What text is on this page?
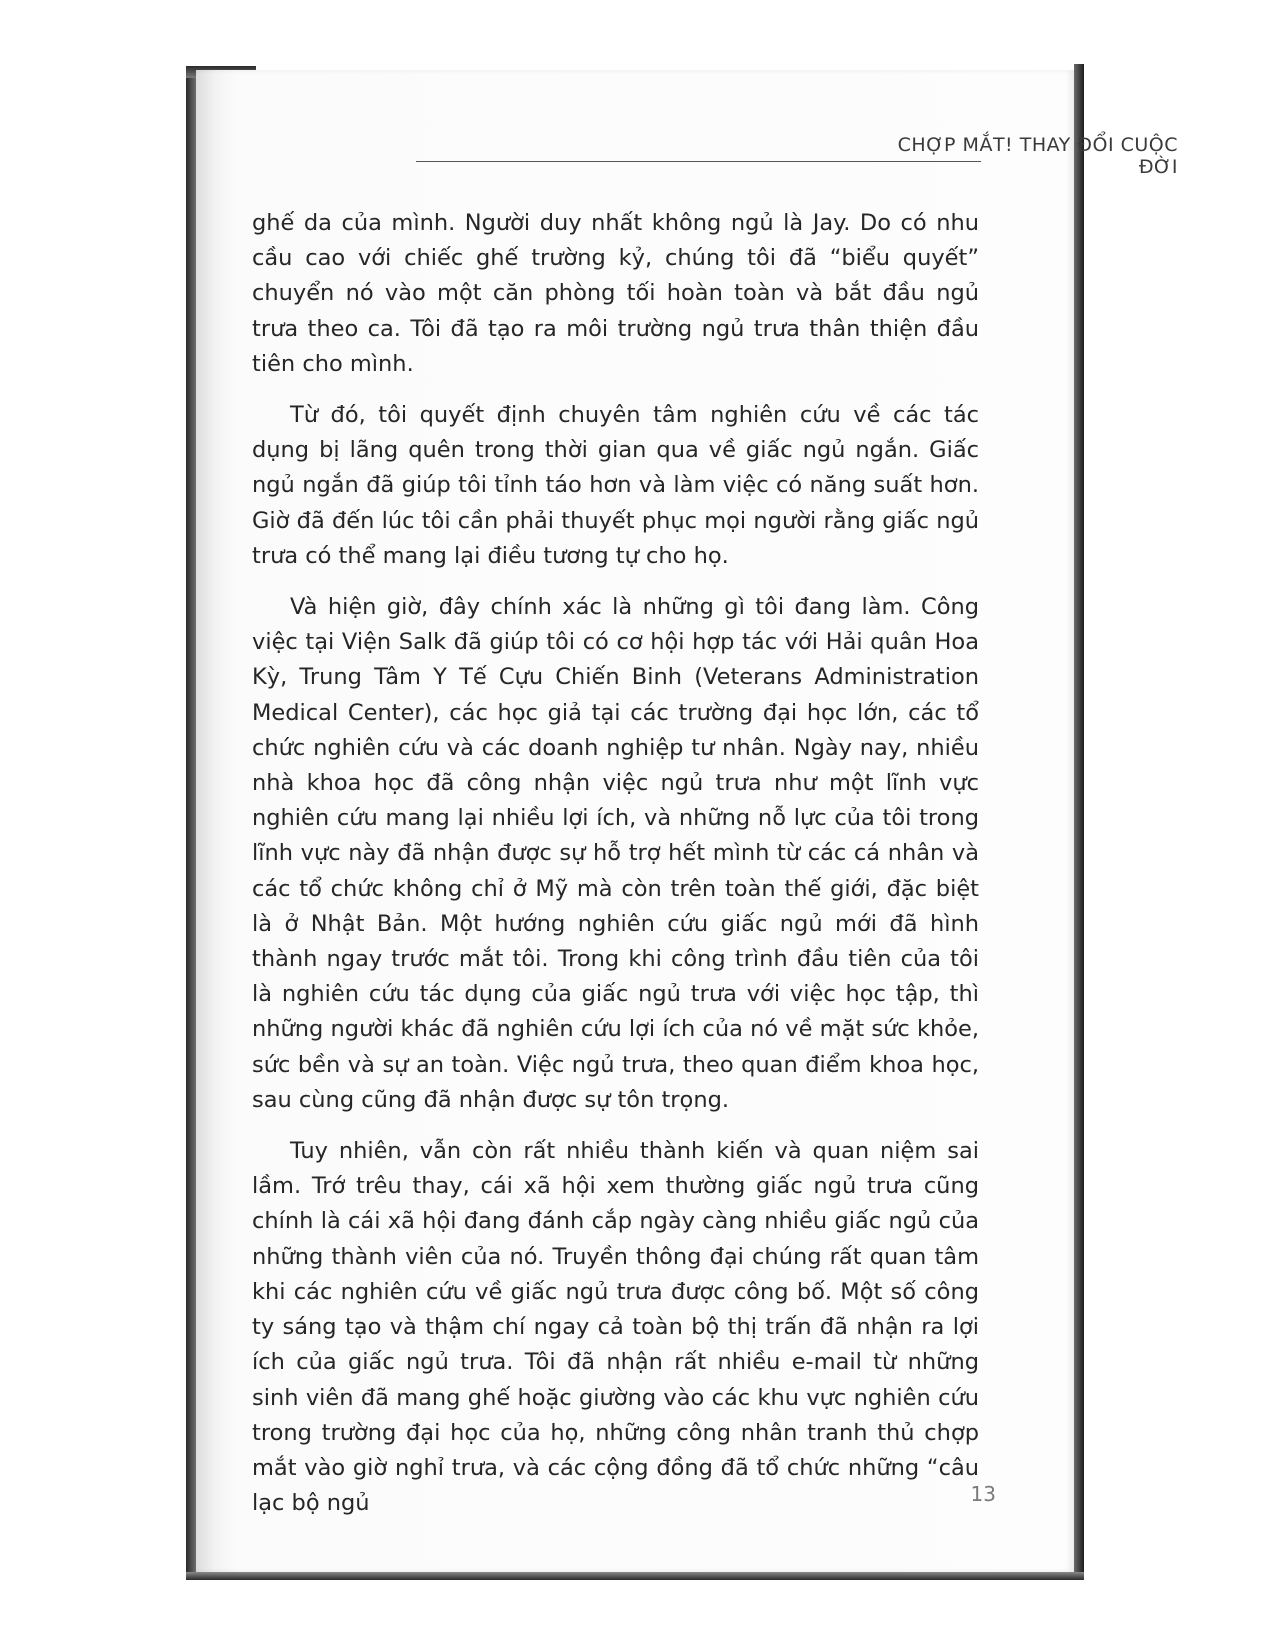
CHỢP MẮT! THAY ĐỔI CUỘC ĐỜI

ghế da của mình. Người duy nhất không ngủ là Jay. Do có nhu cầu cao với chiếc ghế trường kỷ, chúng tôi đã “biểu quyết” chuyển nó vào một căn phòng tối hoàn toàn và bắt đầu ngủ trưa theo ca. Tôi đã tạo ra môi trường ngủ trưa thân thiện đầu tiên cho mình.

Từ đó, tôi quyết định chuyên tâm nghiên cứu về các tác dụng bị lãng quên trong thời gian qua về giấc ngủ ngắn. Giấc ngủ ngắn đã giúp tôi tỉnh táo hơn và làm việc có năng suất hơn. Giờ đã đến lúc tôi cần phải thuyết phục mọi người rằng giấc ngủ trưa có thể mang lại điều tương tự cho họ.

Và hiện giờ, đây chính xác là những gì tôi đang làm. Công việc tại Viện Salk đã giúp tôi có cơ hội hợp tác với Hải quân Hoa Kỳ, Trung Tâm Y Tế Cựu Chiến Binh (Veterans Administration Medical Center), các học giả tại các trường đại học lớn, các tổ chức nghiên cứu và các doanh nghiệp tư nhân. Ngày nay, nhiều nhà khoa học đã công nhận việc ngủ trưa như một lĩnh vực nghiên cứu mang lại nhiều lợi ích, và những nỗ lực của tôi trong lĩnh vực này đã nhận được sự hỗ trợ hết mình từ các cá nhân và các tổ chức không chỉ ở Mỹ mà còn trên toàn thế giới, đặc biệt là ở Nhật Bản. Một hướng nghiên cứu giấc ngủ mới đã hình thành ngay trước mắt tôi. Trong khi công trình đầu tiên của tôi là nghiên cứu tác dụng của giấc ngủ trưa với việc học tập, thì những người khác đã nghiên cứu lợi ích của nó về mặt sức khỏe, sức bền và sự an toàn. Việc ngủ trưa, theo quan điểm khoa học, sau cùng cũng đã nhận được sự tôn trọng.

Tuy nhiên, vẫn còn rất nhiều thành kiến và quan niệm sai lầm. Trớ trêu thay, cái xã hội xem thường giấc ngủ trưa cũng chính là cái xã hội đang đánh cắp ngày càng nhiều giấc ngủ của những thành viên của nó. Truyền thông đại chúng rất quan tâm khi các nghiên cứu về giấc ngủ trưa được công bố. Một số công ty sáng tạo và thậm chí ngay cả toàn bộ thị trấn đã nhận ra lợi ích của giấc ngủ trưa. Tôi đã nhận rất nhiều e-mail từ những sinh viên đã mang ghế hoặc giường vào các khu vực nghiên cứu trong trường đại học của họ, những công nhân tranh thủ chợp mắt vào giờ nghỉ trưa, và các cộng đồng đã tổ chức những “câu lạc bộ ngủ	13
